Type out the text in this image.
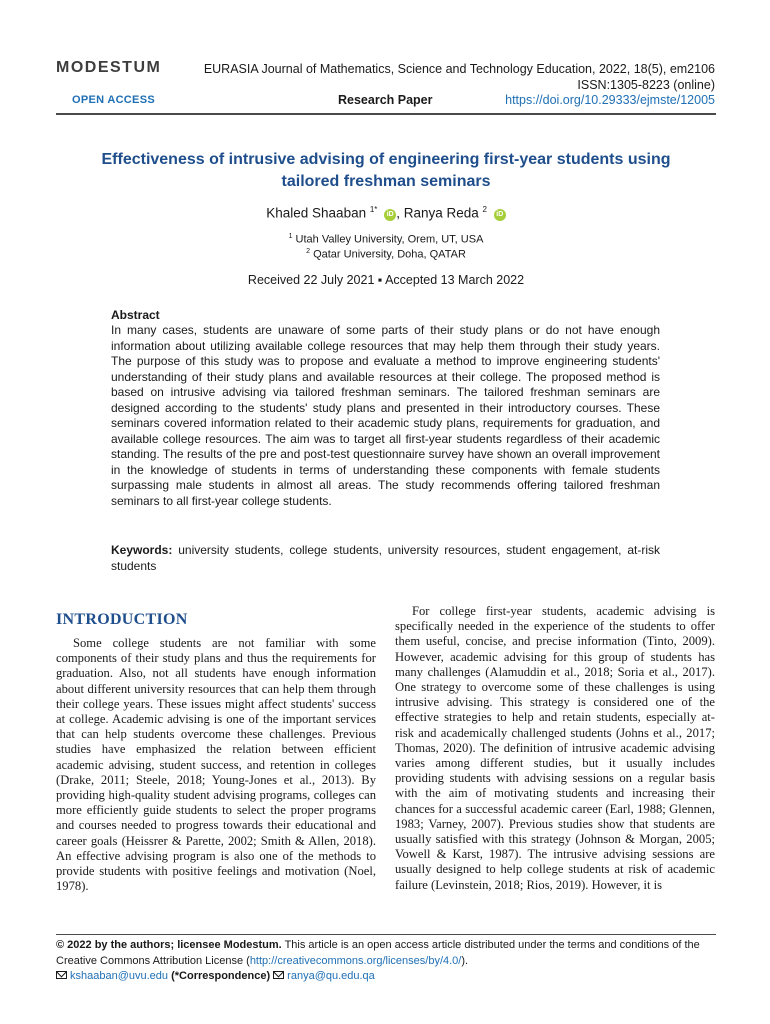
MODESTUM	EURASIA Journal of Mathematics, Science and Technology Education, 2022, 18(5), em2106
ISSN:1305-8223 (online)
OPEN ACCESS	Research Paper	https://doi.org/10.29333/ejmste/12005
Effectiveness of intrusive advising of engineering first-year students using
tailored freshman seminars
Khaled Shaaban $^{1*}$ iD , Ranya Reda $^2$ iD
$^1$ Utah Valley University, Orem, UT, USA
$^2$ Qatar University, Doha, QATAR
Received 22 July 2021 ▪ Accepted 13 March 2022
Abstract
In many cases, students are unaware of some parts of their study plans or do not have enough information about utilizing available college resources that may help them through their study years. The purpose of this study was to propose and evaluate a method to improve engineering students' understanding of their study plans and available resources at their college. The proposed method is based on intrusive advising via tailored freshman seminars. The tailored freshman seminars are designed according to the students' study plans and presented in their introductory courses. These seminars covered information related to their academic study plans, requirements for graduation, and available college resources. The aim was to target all first-year students regardless of their academic standing. The results of the pre and post-test questionnaire survey have shown an overall improvement in the knowledge of students in terms of understanding these components with female students surpassing male students in almost all areas. The study recommends offering tailored freshman seminars to all first-year college students.
Keywords: university students, college students, university resources, student engagement, at-risk students
INTRODUCTION
Some college students are not familiar with some components of their study plans and thus the requirements for graduation. Also, not all students have enough information about different university resources that can help them through their college years. These issues might affect students' success at college. Academic advising is one of the important services that can help students overcome these challenges. Previous studies have emphasized the relation between efficient academic advising, student success, and retention in colleges (Drake, 2011; Steele, 2018; Young-Jones et al., 2013). By providing high-quality student advising programs, colleges can more efficiently guide students to select the proper programs and courses needed to progress towards their educational and career goals (Heissrer & Parette, 2002; Smith & Allen, 2018). An effective advising program is also one of the methods to provide students with positive feelings and motivation (Noel, 1978).
For college first-year students, academic advising is specifically needed in the experience of the students to offer them useful, concise, and precise information (Tinto, 2009). However, academic advising for this group of students has many challenges (Alamuddin et al., 2018; Soria et al., 2017). One strategy to overcome some of these challenges is using intrusive advising. This strategy is considered one of the effective strategies to help and retain students, especially at-risk and academically challenged students (Johns et al., 2017; Thomas, 2020). The definition of intrusive academic advising varies among different studies, but it usually includes providing students with advising sessions on a regular basis with the aim of motivating students and increasing their chances for a successful academic career (Earl, 1988; Glennen, 1983; Varney, 2007). Previous studies show that students are usually satisfied with this strategy (Johnson & Morgan, 2005; Vowell & Karst, 1987). The intrusive advising sessions are usually designed to help college students at risk of academic failure (Levinstein, 2018; Rios, 2019). However, it is
© 2022 by the authors; licensee Modestum. This article is an open access article distributed under the terms and conditions of the Creative Commons Attribution License (http://creativecommons.org/licenses/by/4.0/).
kshaaban@uvu.edu (*Correspondence) ranya@qu.edu.qa
